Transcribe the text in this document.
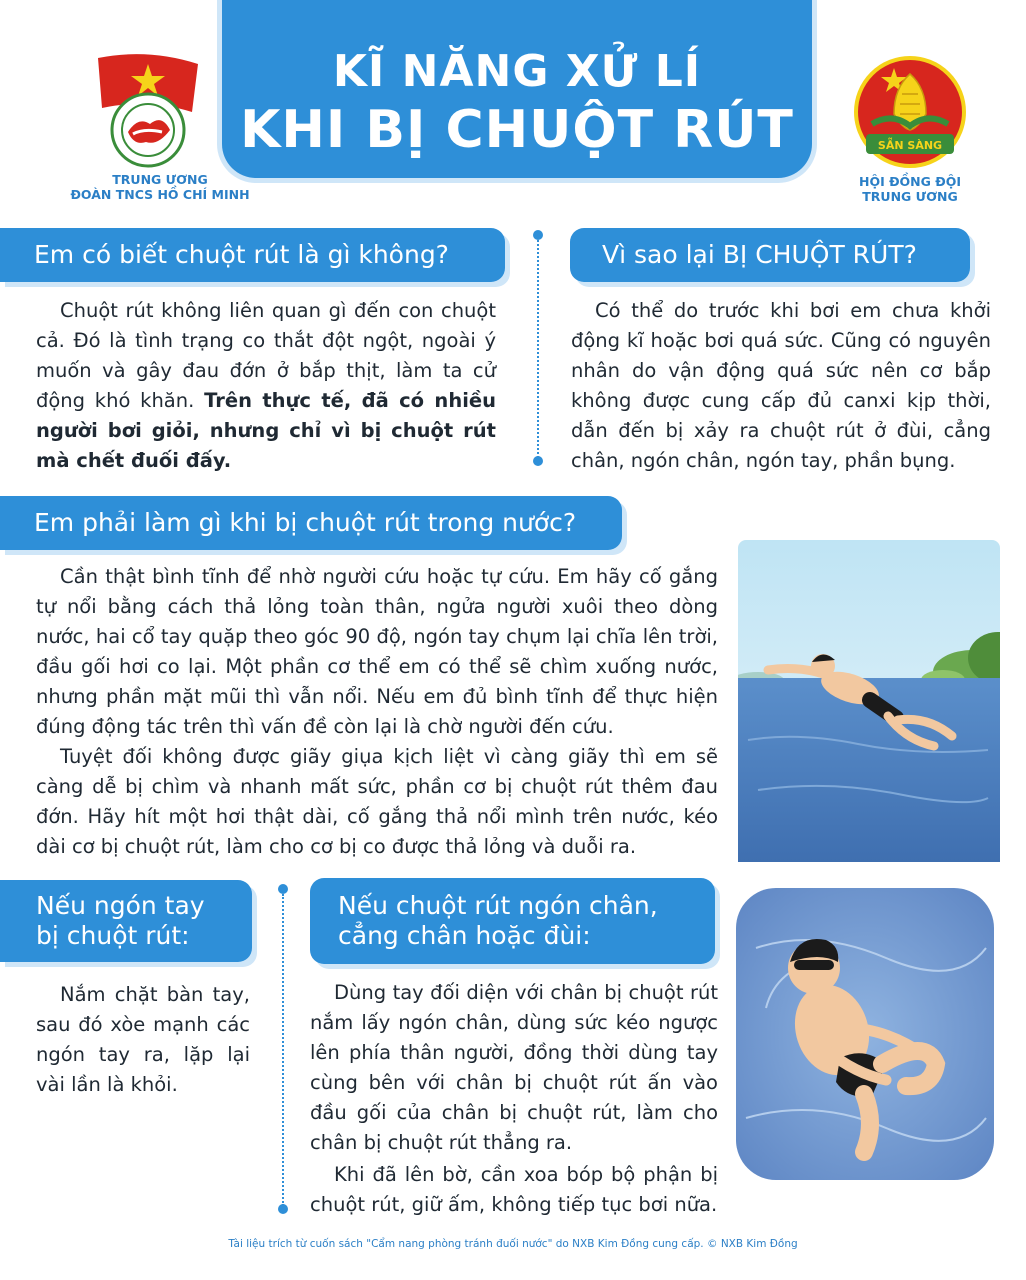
KĨ NĂNG XỬ LÍ
KHI BỊ CHUỘT RÚT
TRUNG ƯƠNG
ĐOÀN TNCS HỒ CHÍ MINH
SẴN SÀNG
HỘI ĐỒNG ĐỘI
TRUNG ƯƠNG
Em có biết chuột rút là gì không?

Chuột rút không liên quan gì đến con chuột cả. Đó là tình trạng co thắt đột ngột, ngoài ý muốn và gây đau đớn ở bắp thịt, làm ta cử động khó khăn. Trên thực tế, đã có nhiều người bơi giỏi, nhưng chỉ vì bị chuột rút mà chết đuối đấy.

Vì sao lại BỊ CHUỘT RÚT?

Có thể do trước khi bơi em chưa khởi động kĩ hoặc bơi quá sức. Cũng có nguyên nhân do vận động quá sức nên cơ bắp không được cung cấp đủ canxi kịp thời, dẫn đến bị xảy ra chuột rút ở đùi, cẳng chân, ngón chân, ngón tay, phần bụng.

Em phải làm gì khi bị chuột rút trong nước?

Cần thật bình tĩnh để nhờ người cứu hoặc tự cứu. Em hãy cố gắng tự nổi bằng cách thả lỏng toàn thân, ngửa người xuôi theo dòng nước, hai cổ tay quặp theo góc 90 độ, ngón tay chụm lại chĩa lên trời, đầu gối hơi co lại. Một phần cơ thể em có thể sẽ chìm xuống nước, nhưng phần mặt mũi thì vẫn nổi. Nếu em đủ bình tĩnh để thực hiện đúng động tác trên thì vấn đề còn lại là chờ người đến cứu.

Tuyệt đối không được giãy giụa kịch liệt vì càng giãy thì em sẽ càng dễ bị chìm và nhanh mất sức, phần cơ bị chuột rút thêm đau đớn. Hãy hít một hơi thật dài, cố gắng thả nổi mình trên nước, kéo dài cơ bị chuột rút, làm cho cơ bị co được thả lỏng và duỗi ra.

Nếu ngón tay
bị chuột rút:

Nắm chặt bàn tay, sau đó xòe mạnh các ngón tay ra, lặp lại vài lần là khỏi.

Nếu chuột rút ngón chân,
cẳng chân hoặc đùi:

Dùng tay đối diện với chân bị chuột rút nắm lấy ngón chân, dùng sức kéo ngược lên phía thân người, đồng thời dùng tay cùng bên với chân bị chuột rút ấn vào đầu gối của chân bị chuột rút, làm cho chân bị chuột rút thẳng ra.

Khi đã lên bờ, cần xoa bóp bộ phận bị chuột rút, giữ ấm, không tiếp tục bơi nữa.

Tài liệu trích từ cuốn sách "Cẩm nang phòng tránh đuối nước" do NXB Kim Đồng cung cấp. © NXB Kim Đồng
